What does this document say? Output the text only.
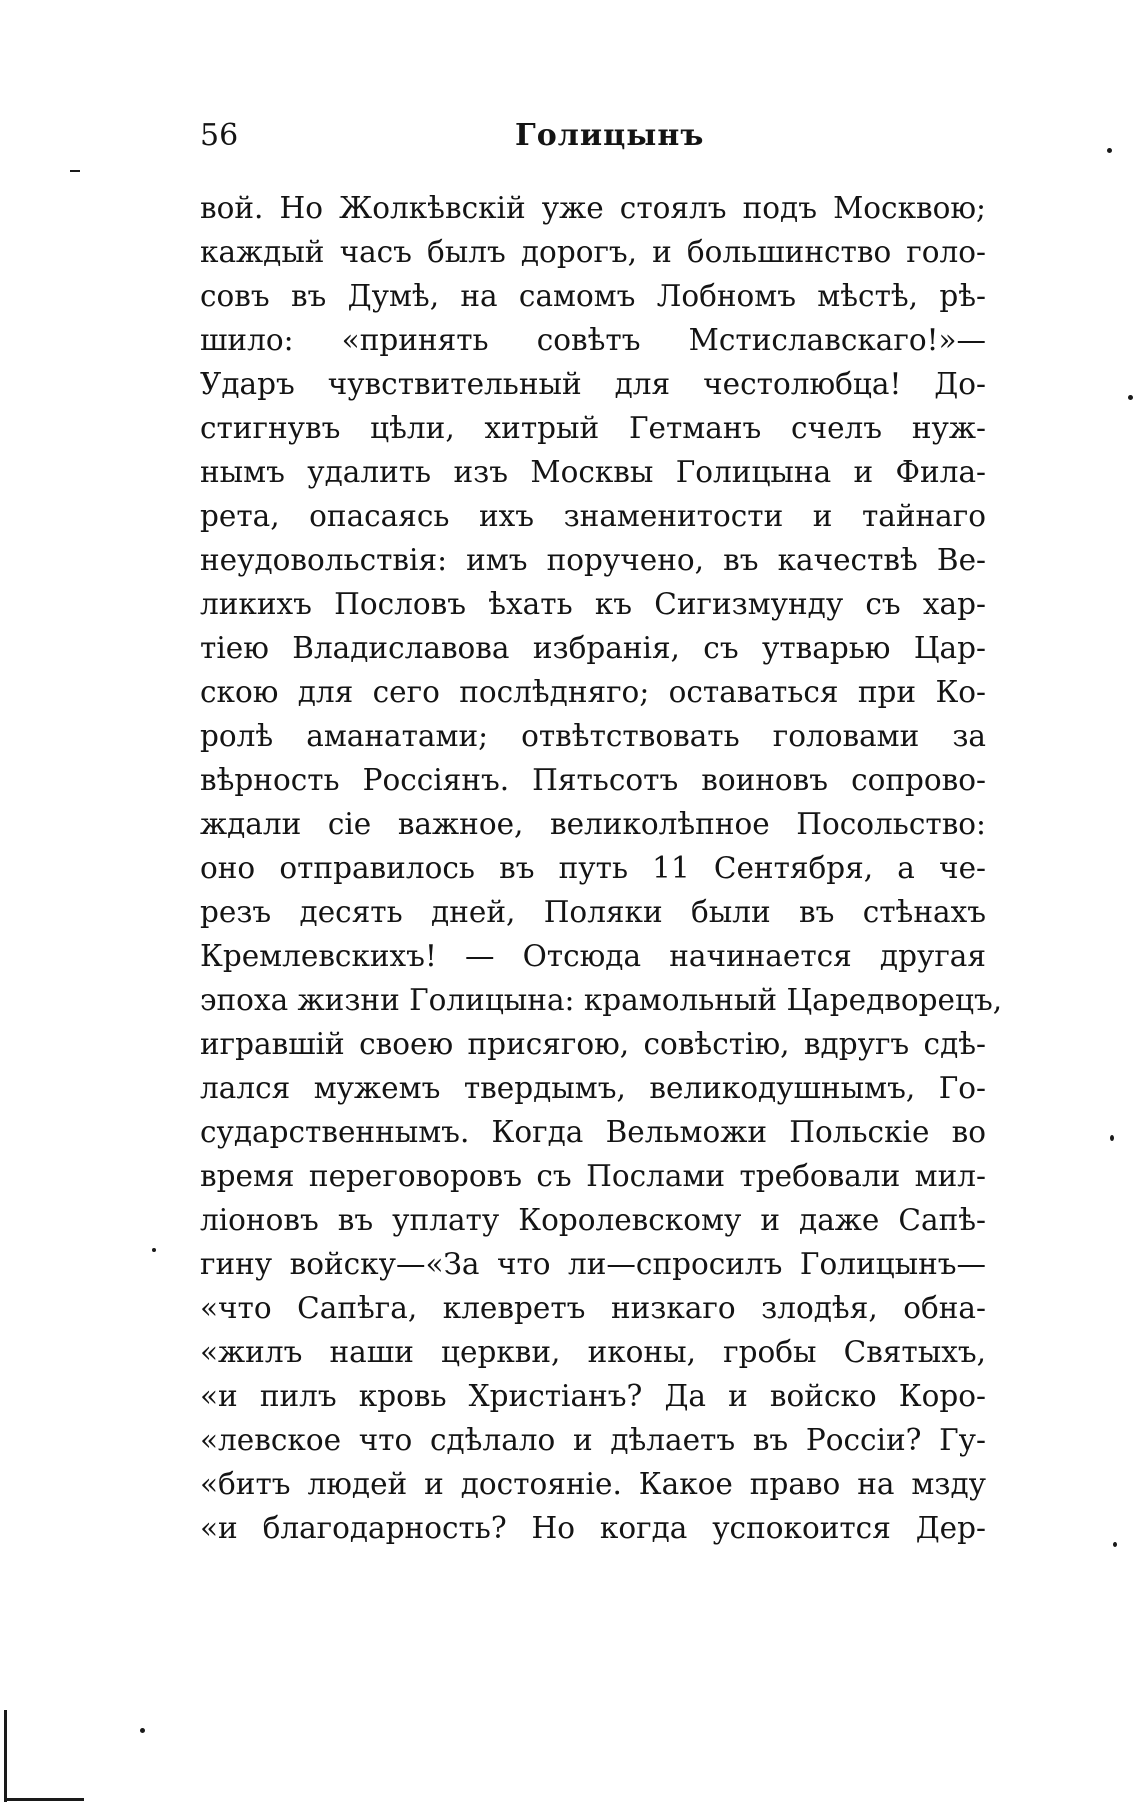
56	Голицынъ
вой. Но Жолкѣвскій уже стоялъ подъ Москвою;
каждый часъ былъ дорогъ, и большинство голо-
совъ въ Думѣ, на самомъ Лобномъ мѣстѣ, рѣ-
шило: «принять совѣтъ Мстиславскаго!»—
Ударъ чувствительный для честолюбца! До-
стигнувъ цѣли, хитрый Гетманъ счелъ нуж-
нымъ удалить изъ Москвы Голицына и Фила-
рета, опасаясь ихъ знаменитости и тайнаго
неудовольствія: имъ поручено, въ качествѣ Ве-
ликихъ Пословъ ѣхать къ Сигизмунду съ хар-
тіею Владиславова избранія, съ утварью Цар-
скою для сего послѣдняго; оставаться при Ко-
ролѣ аманатами; отвѣтствовать головами за
вѣрность Россіянъ. Пятьсотъ воиновъ сопрово-
ждали сіе важное, великолѣпное Посольство:
оно отправилось въ путь 11 Сентября, а че-
резъ десять дней, Поляки были въ стѣнахъ
Кремлевскихъ! — Отсюда начинается другая
эпоха жизни Голицына: крамольный Царедворецъ,
игравшій своею присягою, совѣстію, вдругъ сдѣ-
лался мужемъ твердымъ, великодушнымъ, Го-
сударственнымъ. Когда Вельможи Польскіе во
время переговоровъ съ Послами требовали мил-
ліоновъ въ уплату Королевскому и даже Сапѣ-
гину войску—«За что ли—спросилъ Голицынъ—
«что Сапѣга, клевретъ низкаго злодѣя, обна-
«жилъ наши церкви, иконы, гробы Святыхъ,
«и пилъ кровь Христіанъ? Да и войско Коро-
«левское что сдѣлало и дѣлаетъ въ Россіи? Гу-
«битъ людей и достояніе. Какое право на мзду
«и благодарность? Но когда успокоится Дер-
